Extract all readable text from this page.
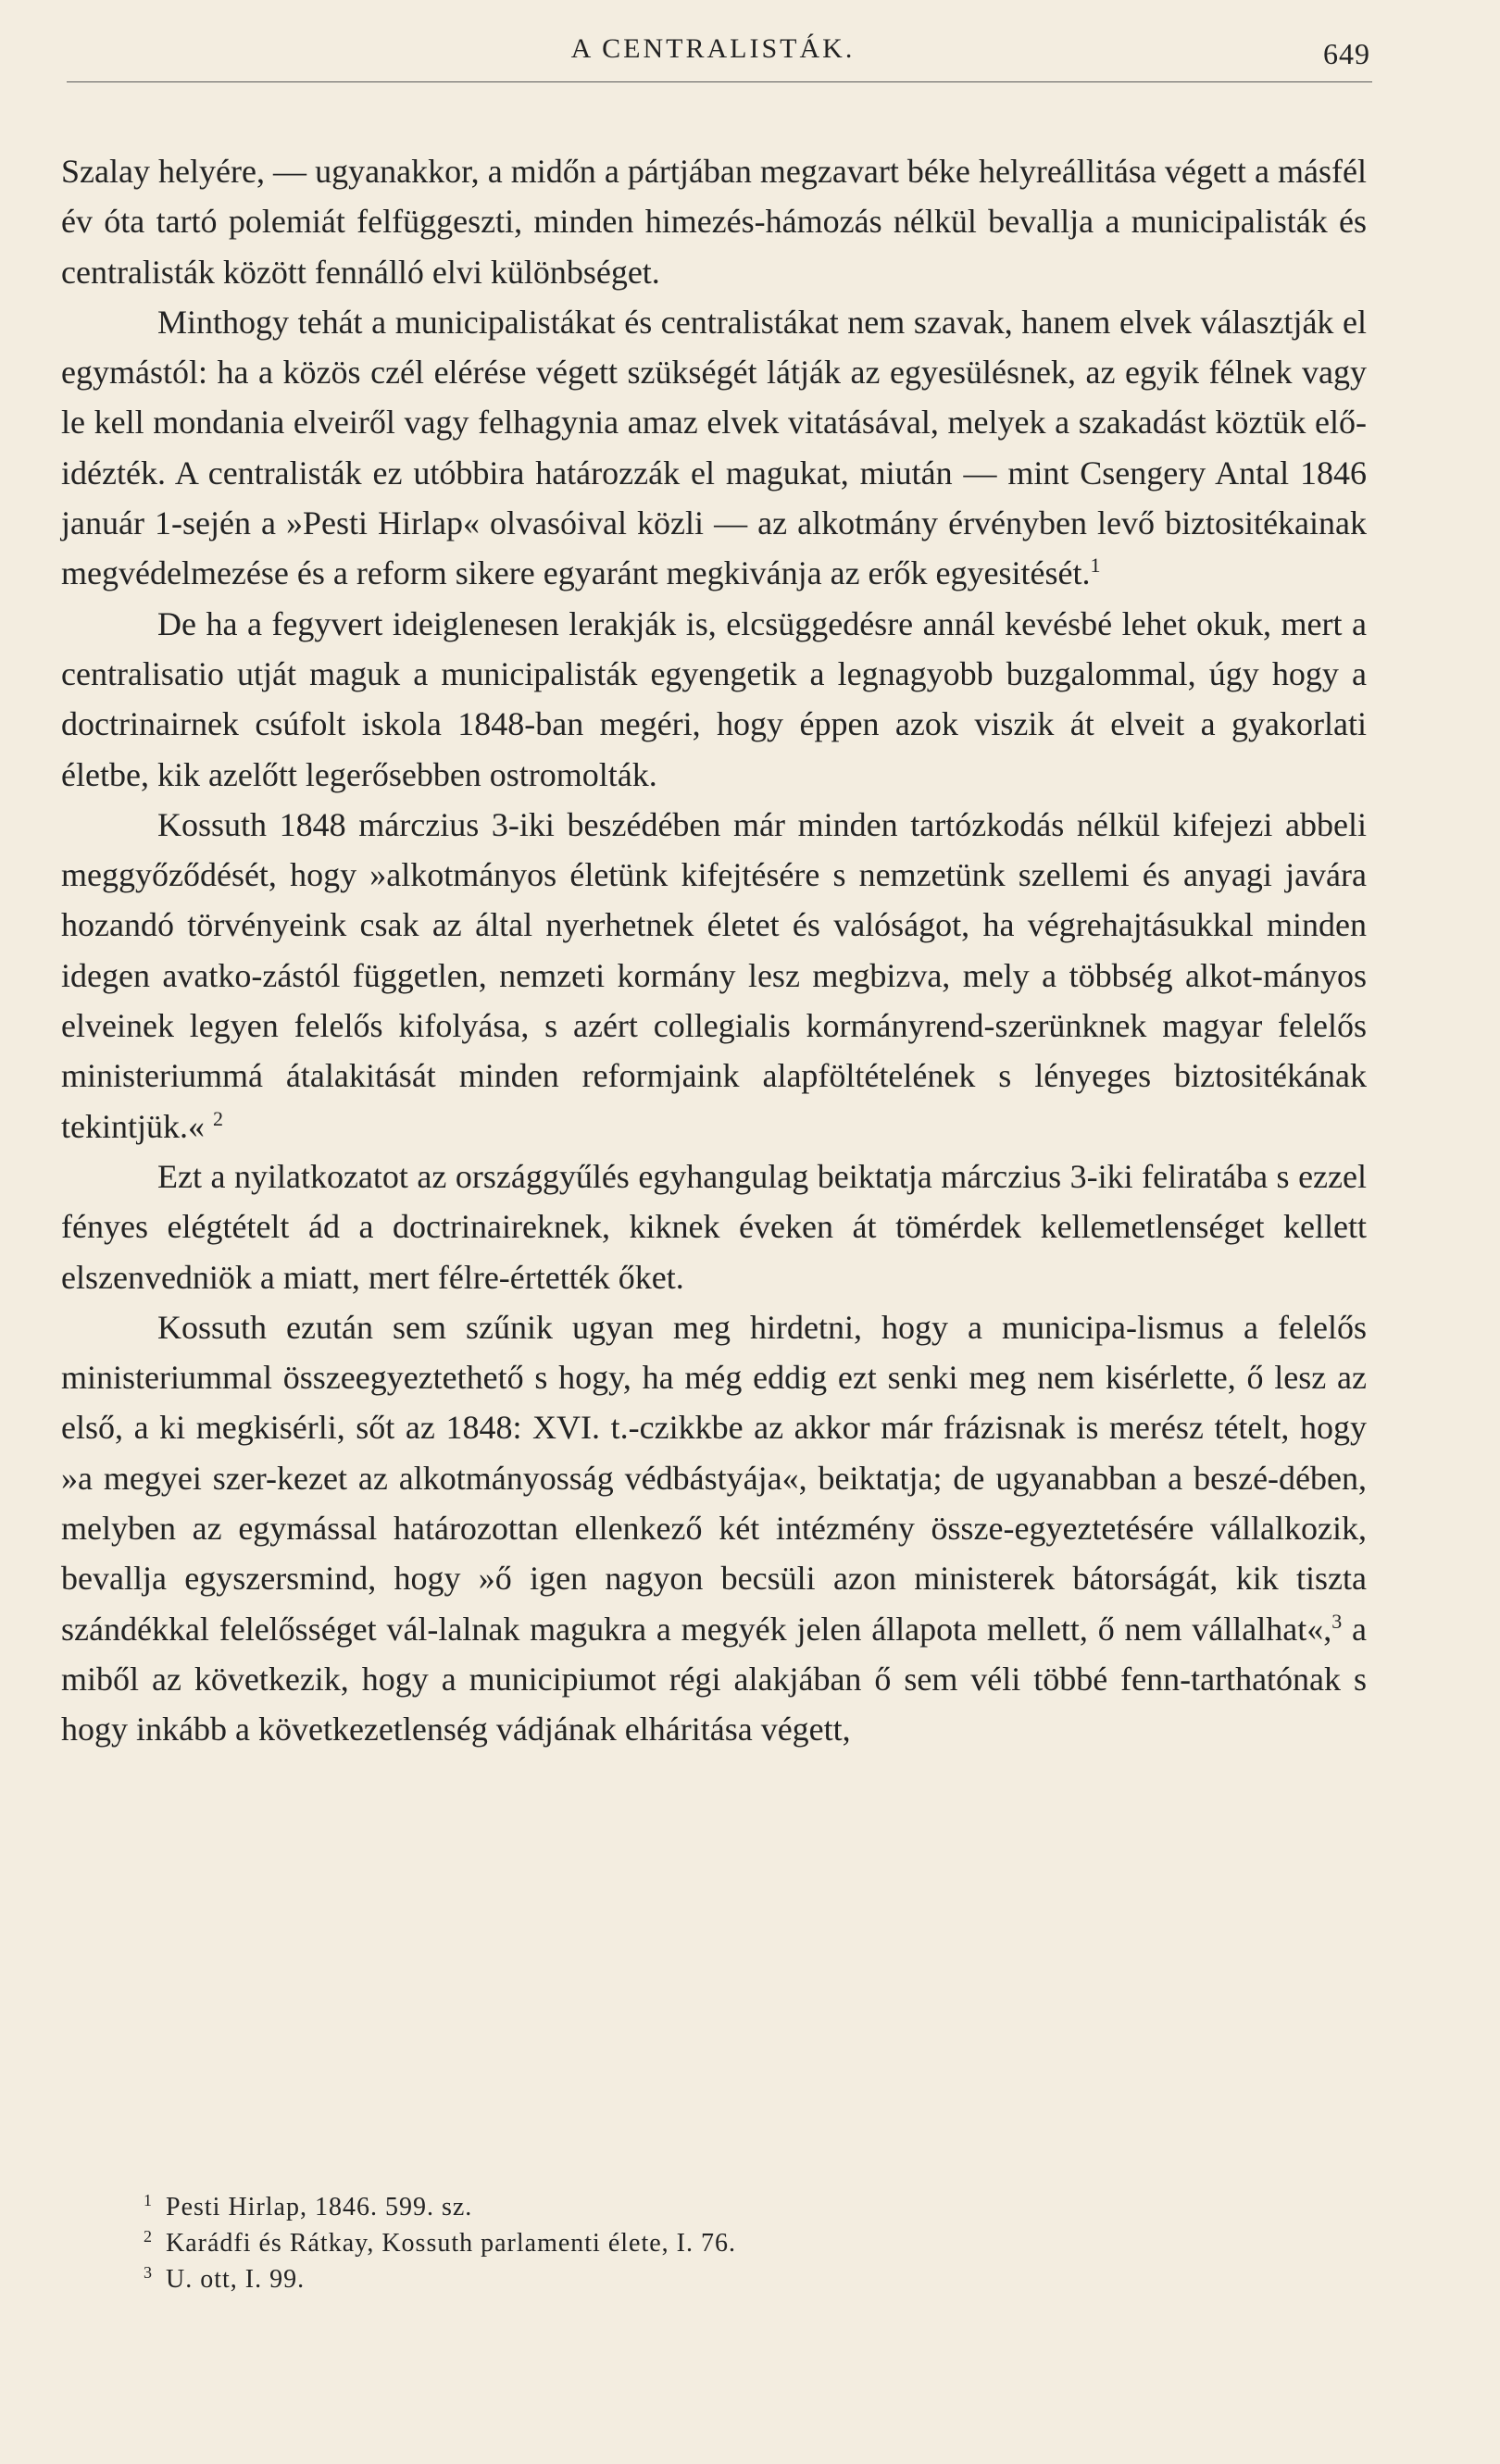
A CENTRALISTÁK.	649

Szalay helyére, — ugyanakkor, a midőn a pártjában megzavart béke helyreállitása végett a másfél év óta tartó polemiát felfüggeszti, minden himezés-hámozás nélkül bevallja a municipalisták és centralisták között fennálló elvi különbséget.

Minthogy tehát a municipalistákat és centralistákat nem szavak, hanem elvek választják el egymástól: ha a közös czél elérése végett szükségét látják az egyesülésnek, az egyik félnek vagy le kell mondania elveiről vagy felhagynia amaz elvek vitatásával, melyek a szakadást köztük elő-idézték. A centralisták ez utóbbira határozzák el magukat, miután — mint Csengery Antal 1846 január 1-sején a »Pesti Hirlap« olvasóival közli — az alkotmány érvényben levő biztositékainak megvédelmezése és a reform sikere egyaránt megkivánja az erők egyesitését.$^1$

De ha a fegyvert ideiglenesen lerakják is, elcsüggedésre annál kevésbé lehet okuk, mert a centralisatio utját maguk a municipalisták egyengetik a legnagyobb buzgalommal, úgy hogy a doctrinairnek csúfolt iskola 1848-ban megéri, hogy éppen azok viszik át elveit a gyakorlati életbe, kik azelőtt legerősebben ostromolták.

Kossuth 1848 márczius 3-iki beszédében már minden tartózkodás nélkül kifejezi abbeli meggyőződését, hogy »alkotmányos életünk kifejtésére s nemzetünk szellemi és anyagi javára hozandó törvényeink csak az által nyerhetnek életet és valóságot, ha végrehajtásukkal minden idegen avatko-zástól független, nemzeti kormány lesz megbizva, mely a többség alkot-mányos elveinek legyen felelős kifolyása, s azért collegialis kormányrend-szerünknek magyar felelős ministeriummá átalakitását minden reformjaink alapföltételének s lényeges biztositékának tekintjük.« $^2$

Ezt a nyilatkozatot az országgyűlés egyhangulag beiktatja márczius 3-iki feliratába s ezzel fényes elégtételt ád a doctrinaireknek, kiknek éveken át tömérdek kellemetlenséget kellett elszenvedniök a miatt, mert félre-értették őket.

Kossuth ezután sem szűnik ugyan meg hirdetni, hogy a municipa-lismus a felelős ministeriummal összeegyeztethető s hogy, ha még eddig ezt senki meg nem kisérlette, ő lesz az első, a ki megkisérli, sőt az 1848: XVI. t.-czikkbe az akkor már frázisnak is merész tételt, hogy »a megyei szer-kezet az alkotmányosság védbástyája«, beiktatja; de ugyanabban a beszé-dében, melyben az egymással határozottan ellenkező két intézmény össze-egyeztetésére vállalkozik, bevallja egyszersmind, hogy »ő igen nagyon becsüli azon ministerek bátorságát, kik tiszta szándékkal felelősséget vál-lalnak magukra a megyék jelen állapota mellett, ő nem vállalhat«,$^3$ a miből az következik, hogy a municipiumot régi alakjában ő sem véli többé fenn-tarthatónak s hogy inkább a következetlenség vádjának elháritása végett,

$^1$ Pesti Hirlap, 1846. 599. sz.

$^2$ Karádfi és Rátkay, Kossuth parlamenti élete, I. 76.

$^3$ U. ott, I. 99.
